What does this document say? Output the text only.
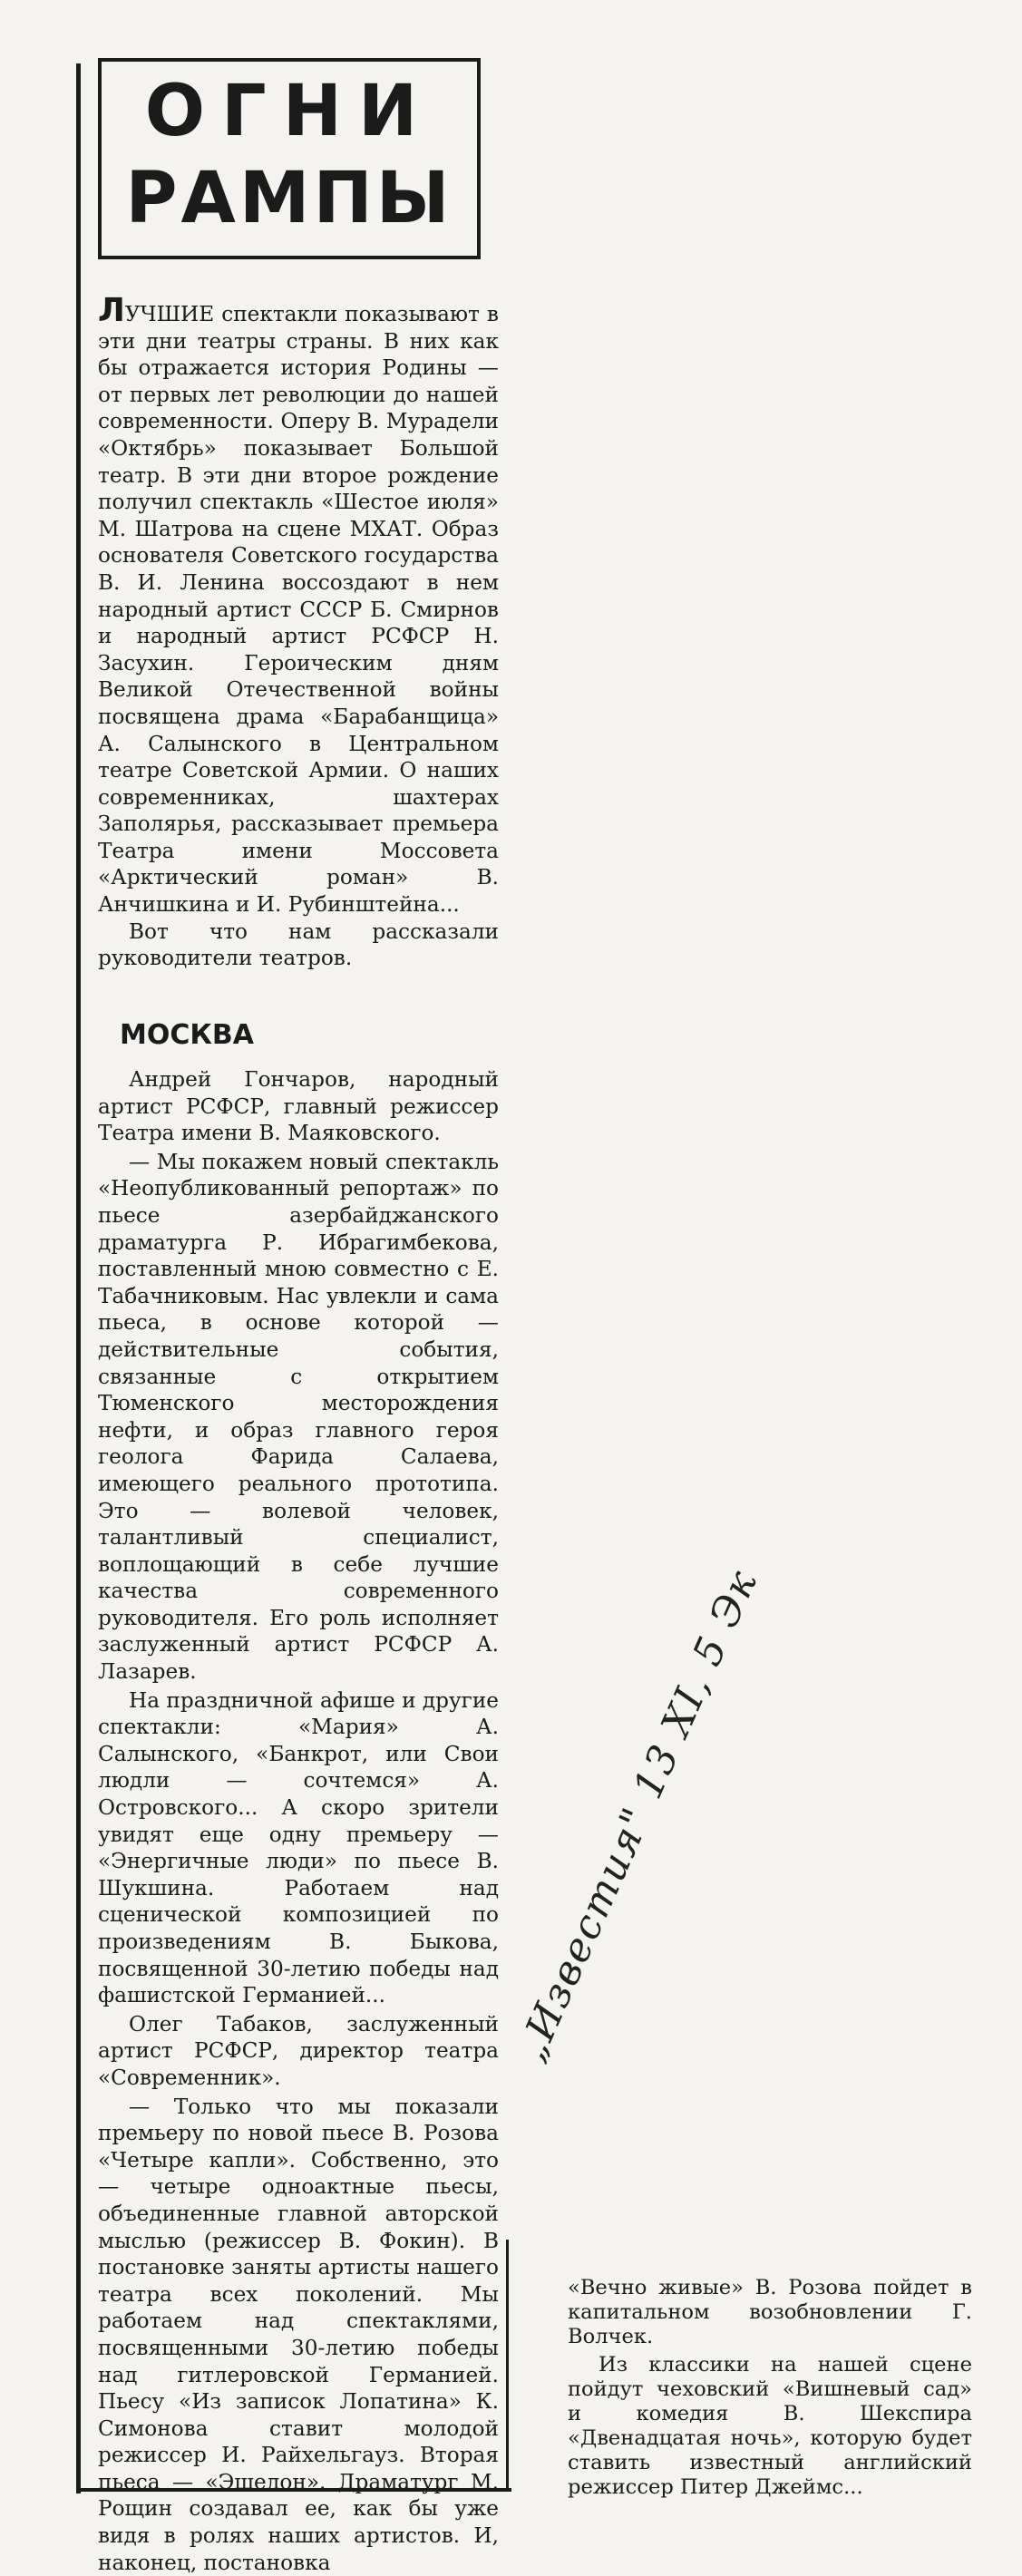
ОГНИ
РАМПЫ

ЛУЧШИЕ спектакли показывают в эти дни театры страны. В них как бы отражается история Родины — от первых лет революции до нашей современности. Оперу В. Мурадели «Октябрь» показывает Большой театр. В эти дни второе рождение получил спектакль «Шестое июля» М. Шатрова на сцене МХАТ. Образ основателя Советского государства В. И. Ленина воссоздают в нем народный артист СССР Б. Смирнов и народный артист РСФСР Н. Засухин. Героическим дням Великой Отечественной войны посвящена драма «Барабанщица» А. Салынского в Центральном театре Советской Армии. О наших современниках, шахтерах Заполярья, рассказывает премьера Театра имени Моссовета «Арктический роман» В. Анчишкина и И. Рубинштейна...

Вот что нам рассказали руководители театров.

МОСКВА

Андрей Гончаров, народный артист РСФСР, главный режиссер Театра имени В. Маяковского.

— Мы покажем новый спектакль «Неопубликованный репортаж» по пьесе азербайджанского драматурга Р. Ибрагимбекова, поставленный мною совместно с Е. Табачниковым. Нас увлекли и сама пьеса, в основе которой — действительные события, связанные с открытием Тюменского месторождения нефти, и образ главного героя геолога Фарида Салаева, имеющего реального прототипа. Это — волевой человек, талантливый специалист, воплощающий в себе лучшие качества современного руководителя. Его роль исполняет заслуженный артист РСФСР А. Лазарев.

На праздничной афише и другие спектакли: «Мария» А. Салынского, «Банкрот, или Свои людли — сочтемся» А. Островского... А скоро зрители увидят еще одну премьеру — «Энергичные люди» по пьесе В. Шукшина. Работаем над сценической композицией по произведениям В. Быкова, посвященной 30-летию победы над фашистской Германией...

Олег Табаков, заслуженный артист РСФСР, директор театра «Современник».

— Только что мы показали премьеру по новой пьесе В. Розова «Четыре капли». Собственно, это — четыре одноактные пьесы, объединенные главной авторской мыслью (режиссер В. Фокин). В постановке заняты артисты нашего театра всех поколений. Мы работаем над спектаклями, посвященными 30-летию победы над гитлеровской Германией. Пьесу «Из записок Лопатина» К. Симонова ставит молодой режиссер И. Райхельгауз. Вторая пьеса — «Эшелон». Драматург М. Рощин создавал ее, как бы уже видя в ролях наших артистов. И, наконец, постановка

«Вечно живые» В. Розова пойдет в капитальном возобновлении Г. Волчек.

Из классики на нашей сцене пойдут чеховский «Вишневый сад» и комедия В. Шекспира «Двенадцатая ночь», которую будет ставить известный английский режиссер Питер Джеймс...

„Известия" 13 XI, 5 Эк
